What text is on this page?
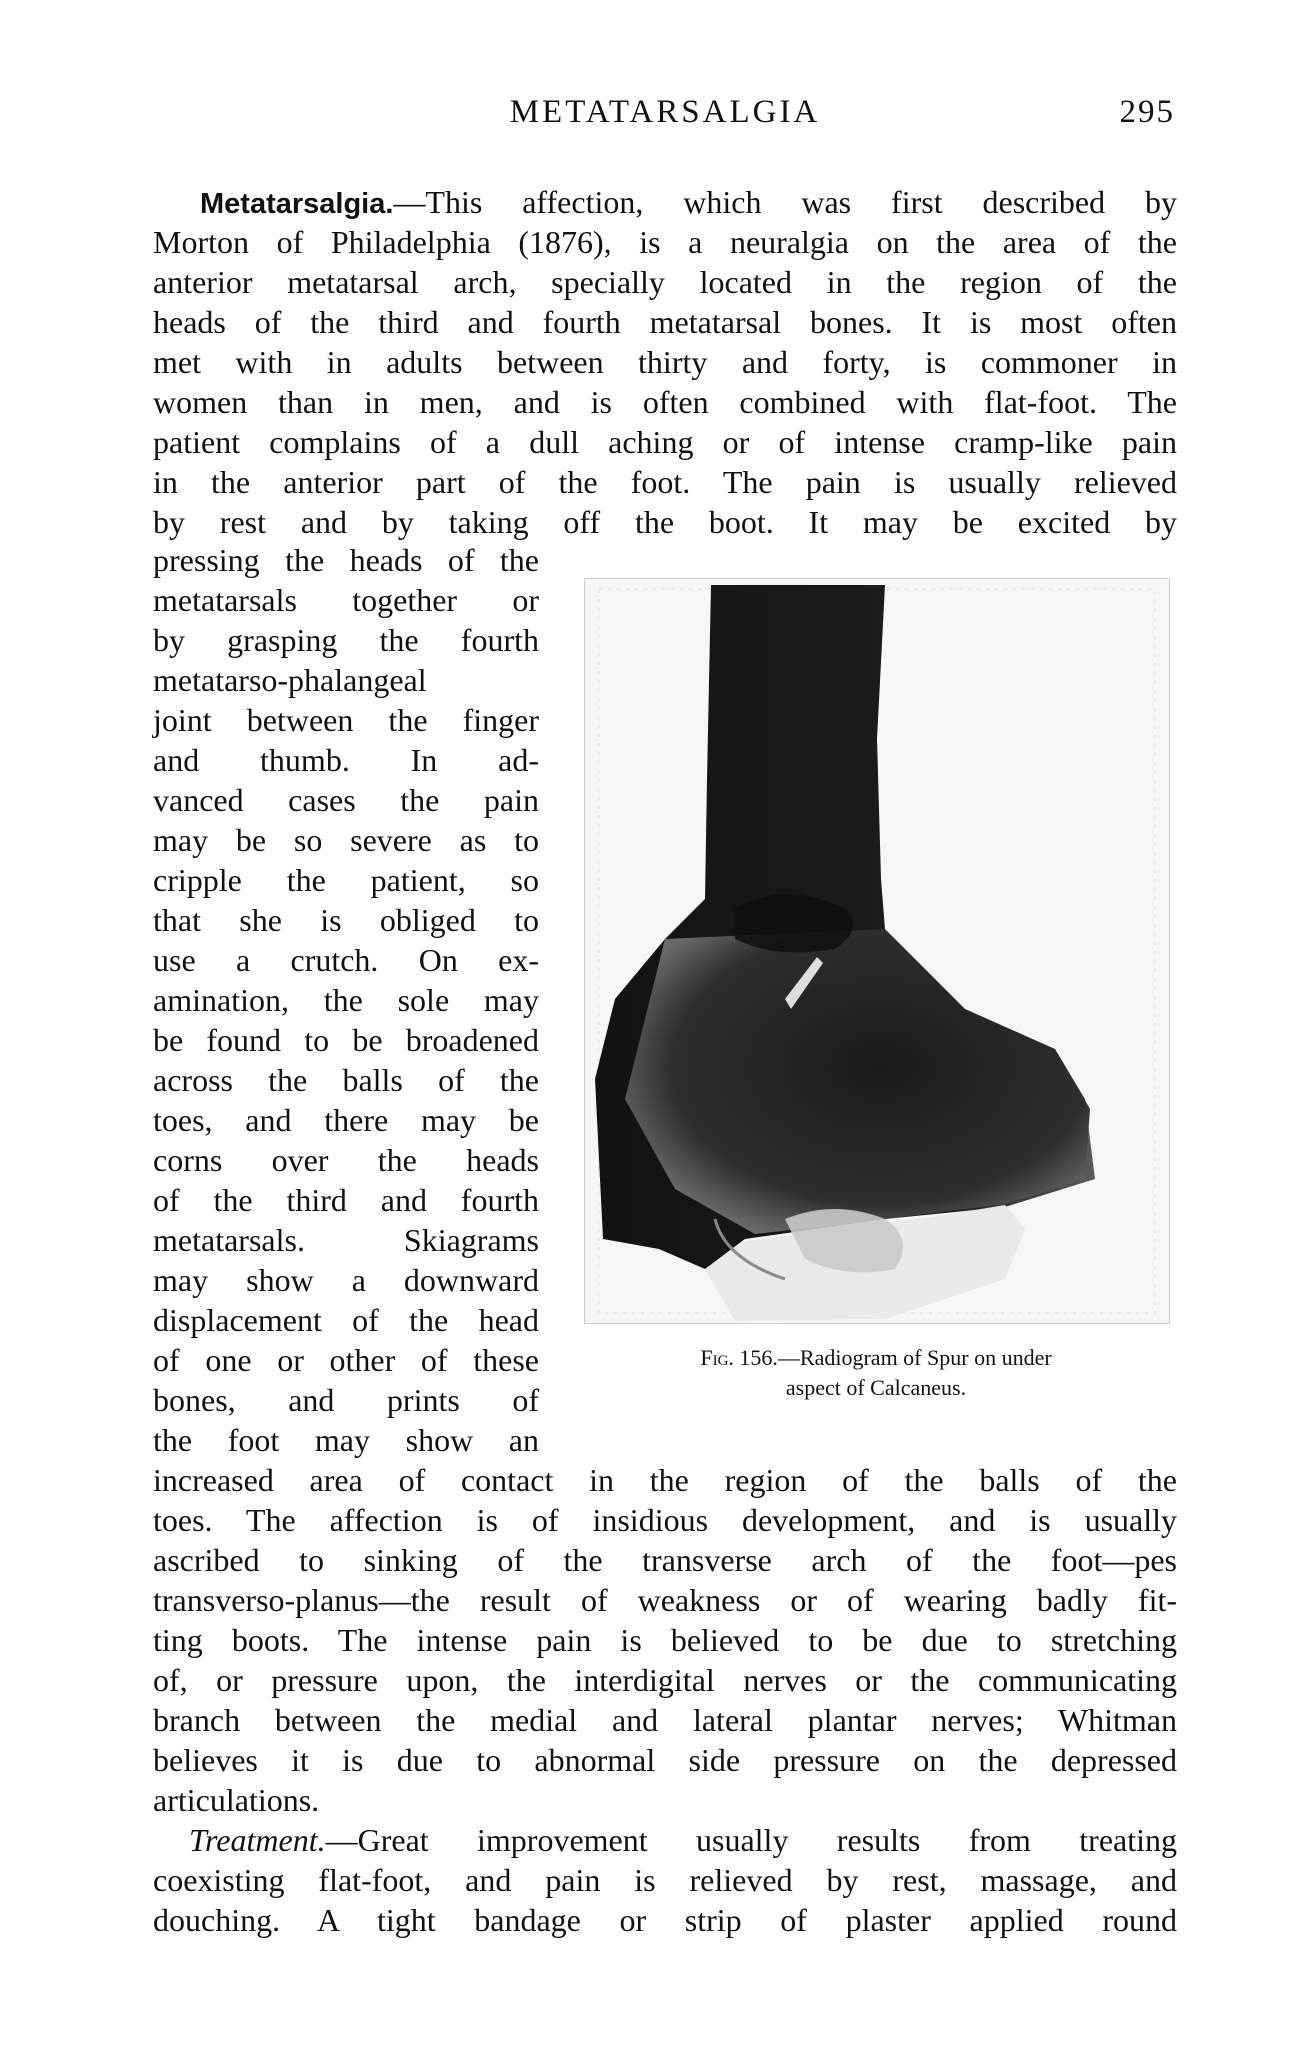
METATARSALGIA	295
Metatarsalgia.—This affection, which was first described by
Morton of Philadelphia (1876), is a neuralgia on the area of the
anterior metatarsal arch, specially located in the region of the
heads of the third and fourth metatarsal bones. It is most often
met with in adults between thirty and forty, is commoner in
women than in men, and is often combined with flat-foot. The
patient complains of a dull aching or of intense cramp-like pain
in the anterior part of the foot. The pain is usually relieved
by rest and by taking off the boot. It may be excited by
pressing the heads of the
metatarsals together or
by grasping the fourth
metatarso-phalangeal
joint between the finger
and thumb. In ad-
vanced cases the pain
may be so severe as to
cripple the patient, so
that she is obliged to
use a crutch. On ex-
amination, the sole may
be found to be broadened
across the balls of the
toes, and there may be
corns over the heads
of the third and fourth
metatarsals. Skiagrams
may show a downward
displacement of the head
of one or other of these
bones, and prints of
the foot may show an
Fig. 156.—Radiogram of Spur on under
aspect of Calcaneus.
increased area of contact in the region of the balls of the
toes. The affection is of insidious development, and is usually
ascribed to sinking of the transverse arch of the foot—pes
transverso-planus—the result of weakness or of wearing badly fit-
ting boots. The intense pain is believed to be due to stretching
of, or pressure upon, the interdigital nerves or the communicating
branch between the medial and lateral plantar nerves; Whitman
believes it is due to abnormal side pressure on the depressed
articulations.
Treatment.—Great improvement usually results from treating
coexisting flat-foot, and pain is relieved by rest, massage, and
douching. A tight bandage or strip of plaster applied round
